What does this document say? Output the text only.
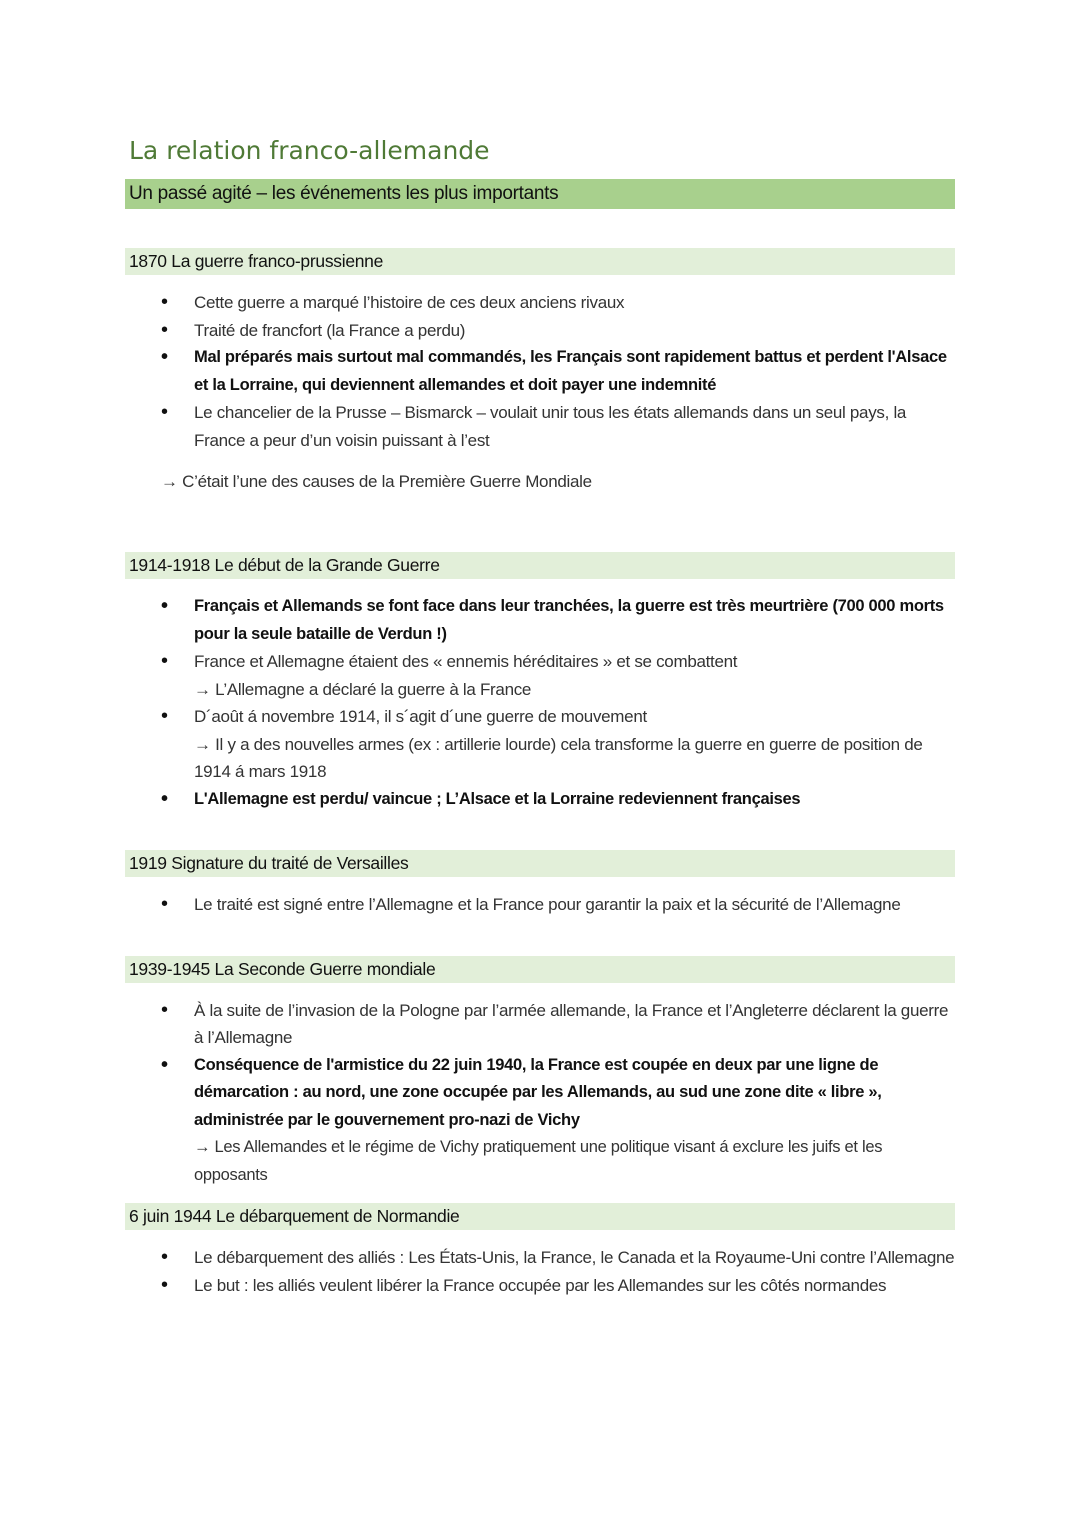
La relation franco-allemande
Un passé agité – les événements les plus importants
1870 La guerre franco-prussienne
• Cette guerre a marqué l’histoire de ces deux anciens rivaux
• Traité de francfort (la France a perdu)
• Mal préparés mais surtout mal commandés, les Français sont rapidement battus et perdent l'Alsace et la Lorraine, qui deviennent allemandes et doit payer une indemnité
• Le chancelier de la Prusse – Bismarck – voulait unir tous les états allemands dans un seul pays, la France a peur d’un voisin puissant à l’est
→ C’était l’une des causes de la Première Guerre Mondiale
1914-1918 Le début de la Grande Guerre
• Français et Allemands se font face dans leur tranchées, la guerre est très meurtrière (700 000 morts pour la seule bataille de Verdun !)
• France et Allemagne étaient des « ennemis héréditaires » et se combattent
→ L’Allemagne a déclaré la guerre à la France
• D´août á novembre 1914, il s´agit d´une guerre de mouvement
→ Il y a des nouvelles armes (ex : artillerie lourde) cela transforme la guerre en guerre de position de 1914 á mars 1918
• L'Allemagne est perdu/ vaincue ; L’Alsace et la Lorraine redeviennent françaises
1919 Signature du traité de Versailles
• Le traité est signé entre l’Allemagne et la France pour garantir la paix et la sécurité de l’Allemagne
1939-1945 La Seconde Guerre mondiale
• À la suite de l’invasion de la Pologne par l’armée allemande, la France et l’Angleterre déclarent la guerre à l’Allemagne
• Conséquence de l'armistice du 22 juin 1940, la France est coupée en deux par une ligne de démarcation : au nord, une zone occupée par les Allemands, au sud une zone dite « libre », administrée par le gouvernement pro-nazi de Vichy
→ Les Allemandes et le régime de Vichy pratiquement une politique visant á exclure les juifs et les opposants
6 juin 1944 Le débarquement de Normandie
• Le débarquement des alliés : Les États-Unis, la France, le Canada et la Royaume-Uni contre l’Allemagne
• Le but : les alliés veulent libérer la France occupée par les Allemandes sur les côtés normandes
